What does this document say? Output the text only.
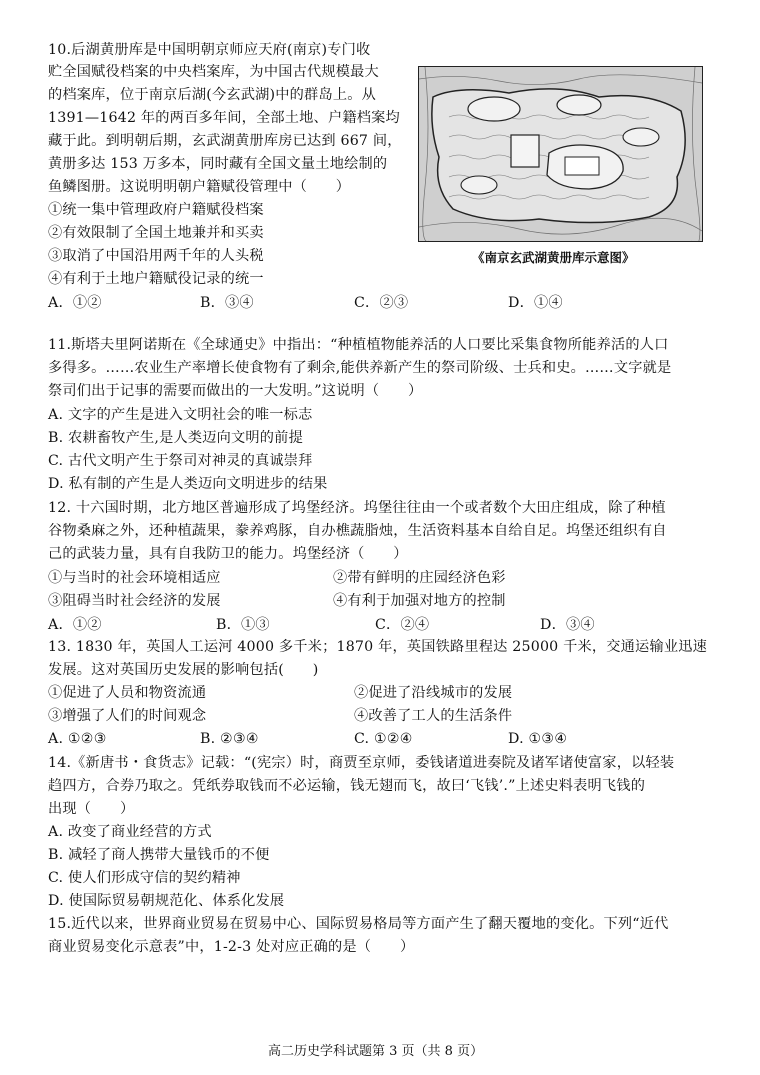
10.后湖黄册库是中国明朝京师应天府(南京)专门收
贮全国赋役档案的中央档案库，为中国古代规模最大
的档案库，位于南京后湖(今玄武湖)中的群岛上。从
1391—1642 年的两百多年间，全部土地、户籍档案均
藏于此。到明朝后期，玄武湖黄册库房已达到 667 间，
黄册多达 153 万多本，同时藏有全国文量土地绘制的
鱼鳞图册。这说明明朝户籍赋役管理中（　　）
①统一集中管理政府户籍赋役档案
②有效限制了全国土地兼并和买卖
③取消了中国沿用两千年的人头税
④有利于土地户籍赋役记录的统一
A．①②	B．③④	C．②③	D．①④
《南京玄武湖黄册库示意图》
11.斯塔夫里阿诺斯在《全球通史》中指出：“种植植物能养活的人口要比采集食物所能养活的人口
多得多。……农业生产率增长使食物有了剩余,能供养新产生的祭司阶级、士兵和史。……文字就是
祭司们出于记事的需要而做出的一大发明。”这说明（　　）
A. 文字的产生是进入文明社会的唯一标志
B. 农耕畜牧产生,是人类迈向文明的前提
C. 古代文明产生于祭司对神灵的真诚崇拜
D. 私有制的产生是人类迈向文明进步的结果
12. 十六国时期，北方地区普遍形成了坞堡经济。坞堡往往由一个或者数个大田庄组成，除了种植
谷物桑麻之外，还种植蔬果，豢养鸡豚，自办樵蔬脂烛，生活资料基本自给自足。坞堡还组织有自
己的武装力量，具有自我防卫的能力。坞堡经济（　　）
①与当时的社会环境相适应	②带有鲜明的庄园经济色彩
③阻碍当时社会经济的发展	④有利于加强对地方的控制
A．①②	B．①③	C．②④	D．③④
13. 1830 年，英国人工运河 4000 多千米；1870 年，英国铁路里程达 25000 千米，交通运输业迅速
发展。这对英国历史发展的影响包括(　　)
①促进了人员和物资流通	②促进了沿线城市的发展
③增强了人们的时间观念	④改善了工人的生活条件
A. ①②③	B. ②③④	C. ①②④	D. ①③④
14.《新唐书・食货志》记载：“(宪宗）时，商贾至京师，委钱诸道进奏院及诸军诸使富家，以轻装
趋四方，合券乃取之。凭纸券取钱而不必运输，钱无翅而飞，故曰‘飞钱’.”上述史料表明飞钱的
出现（　　）
A. 改变了商业经营的方式
B. 减轻了商人携带大量钱币的不便
C. 使人们形成守信的契约精神
D. 使国际贸易朝规范化、体系化发展
15.近代以来，世界商业贸易在贸易中心、国际贸易格局等方面产生了翻天覆地的变化。下列“近代
商业贸易变化示意表”中，1-2-3 处对应正确的是（　　）
高二历史学科试题第 3 页（共 8 页）
